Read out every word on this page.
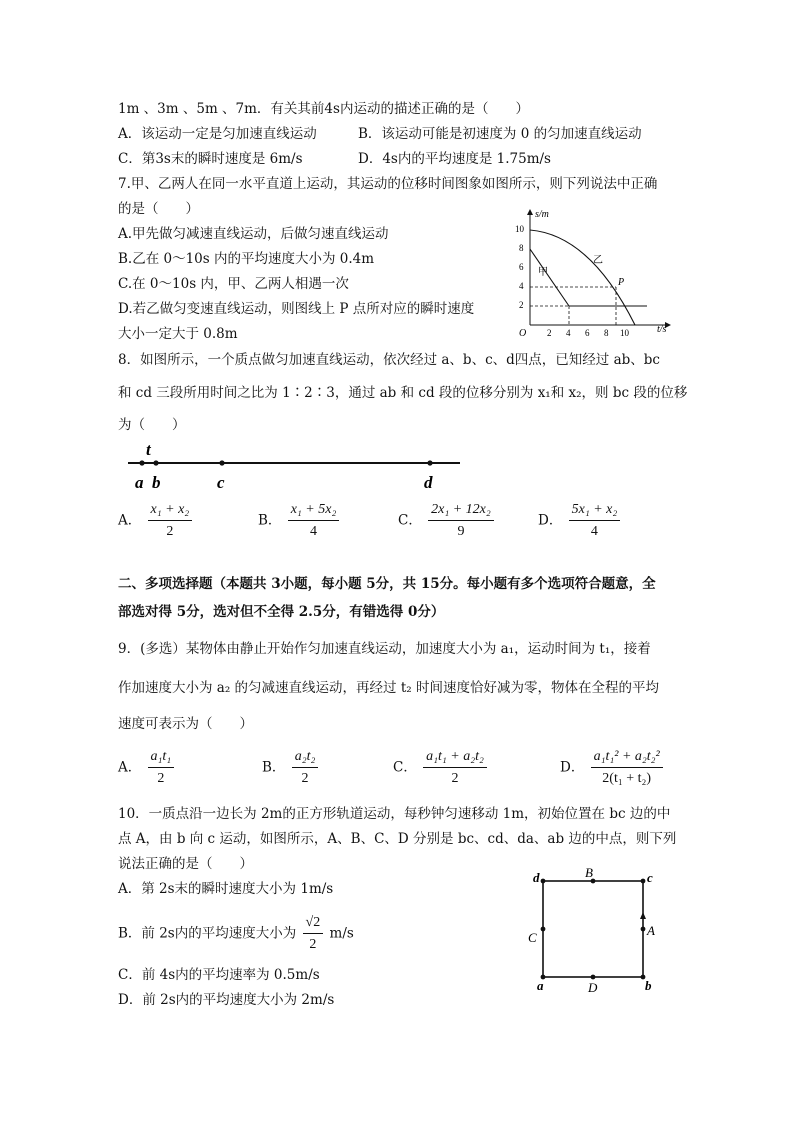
1m 、3m 、5m 、7m．有关其前4s内运动的描述正确的是（　　）
A．该运动一定是匀加速直线运动	B．该运动可能是初速度为 0 的匀加速直线运动
C．第3s末的瞬时速度是 6m/s	D．4s内的平均速度是 1.75m/s
7.甲、乙两人在同一水平直道上运动，其运动的位移时间图象如图所示，则下列说法中正确
的是（　　）
A.甲先做匀减速直线运动，后做匀速直线运动
B.乙在 0～10s 内的平均速度大小为 0.4m
C.在 0～10s 内，甲、乙两人相遇一次
D.若乙做匀变速直线运动，则图线上 P 点所对应的瞬时速度
大小一定大于 0.8m
s/m
t/s
O
2
4
6
8
10
2 4 6 8 10
甲
乙
P
8．如图所示，一个质点做匀加速直线运动，依次经过 a、b、c、d四点，已知经过 ab、bc
和 cd 三段所用时间之比为 1∶2∶3，通过 ab 和 cd 段的位移分别为 x₁和 x₂，则 bc 段的位移
为（　　）
t
a b	c	d
A． $\frac{\text{x₁ + x₂}}{2}$	B． $\frac{\text{x₁ + 5x₂}}{4}$	C． $\frac{\text{2x₁ + 12x₂}}{9}$	D． $\frac{\text{5x₁ + x₂}}{4}$
二、多项选择题（本题共 3小题，每小题 5分，共 15分。每小题有多个选项符合题意，全
部选对得 5分，选对但不全得 2.5分，有错选得 0分）
9．(多选）某物体由静止开始作匀加速直线运动，加速度大小为 a₁，运动时间为 t₁，接着
作加速度大小为 a₂ 的匀减速直线运动，再经过 t₂ 时间速度恰好减为零，物体在全程的平均
速度可表示为（　　）
A． $\frac{\text{a₁t₁}}{2}$	B． $\frac{\text{a₂t₂}}{2}$	C． $\frac{\text{a₁t₁ + a₂t₂}}{2}$	D． $\frac{\text{a₁t₁² + a₂t₂²}}{\text{2(t₁ + t₂)}}$
10．一质点沿一边长为 2m的正方形轨道运动，每秒钟匀速移动 1m，初始位置在 bc 边的中
点 A，由 b 向 c 运动，如图所示，A、B、C、D 分别是 bc、cd、da、ab 边的中点，则下列
说法正确的是（　　）
A．第 2s末的瞬时速度大小为 1m/s
B．前 2s内的平均速度大小为 $\frac{√2}{2} m/s$
C．前 4s内的平均速率为 0.5m/s
D．前 2s内的平均速度大小为 2m/s
d	c
a	b
B
C
D
A
